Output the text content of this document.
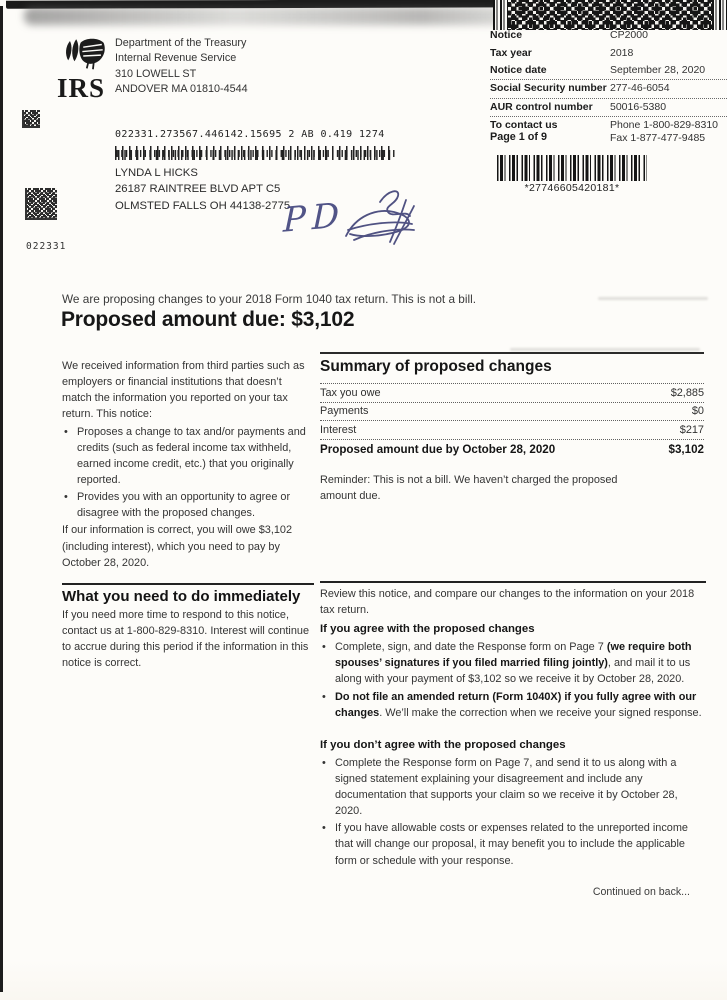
IRS
Department of the Treasury
Internal Revenue Service
310 LOWELL ST
ANDOVER MA 01810-4544
Notice	CP2000
Tax year	2018
Notice date	September 28, 2020
Social Security number 277-46-6054
AUR control number	50016-5380
To contact us	Phone 1-800-829-8310
Fax 1-877-477-9485
Page 1 of 9
022331.273567.446142.15695 2 AB 0.419 1274
LYNDA L HICKS
26187 RAINTREE BLVD APT C5
OLMSTED FALLS OH 44138-2775
PD
*27746605420181*
022331
We are proposing changes to your 2018 Form 1040 tax return. This is not a bill.
Proposed amount due: $3,102
We received information from third parties such as employers or financial institutions that doesn’t match the information you reported on your tax return. This notice:
• Proposes a change to tax and/or payments and credits (such as federal income tax withheld, earned income credit, etc.) that you originally reported.
• Provides you with an opportunity to agree or disagree with the proposed changes.
If our information is correct, you will owe $3,102 (including interest), which you need to pay by October 28, 2020.
Summary of proposed changes
Tax you owe	$2,885
Payments	$0
Interest	$217
Proposed amount due by October 28, 2020	$3,102
Reminder: This is not a bill. We haven’t charged the proposed amount due.
What you need to do immediately
If you need more time to respond to this notice, contact us at 1-800-829-8310. Interest will continue to accrue during this period if the information in this notice is correct.
Review this notice, and compare our changes to the information on your 2018 tax return.
If you agree with the proposed changes
• Complete, sign, and date the Response form on Page 7 (we require both spouses’ signatures if you filed married filing jointly), and mail it to us along with your payment of $3,102 so we receive it by October 28, 2020.
• Do not file an amended return (Form 1040X) if you fully agree with our changes. We’ll make the correction when we receive your signed response.
If you don’t agree with the proposed changes
• Complete the Response form on Page 7, and send it to us along with a signed statement explaining your disagreement and include any documentation that supports your claim so we receive it by October 28, 2020.
• If you have allowable costs or expenses related to the unreported income that will change our proposal, it may benefit you to include the applicable form or schedule with your response.
Continued on back...
